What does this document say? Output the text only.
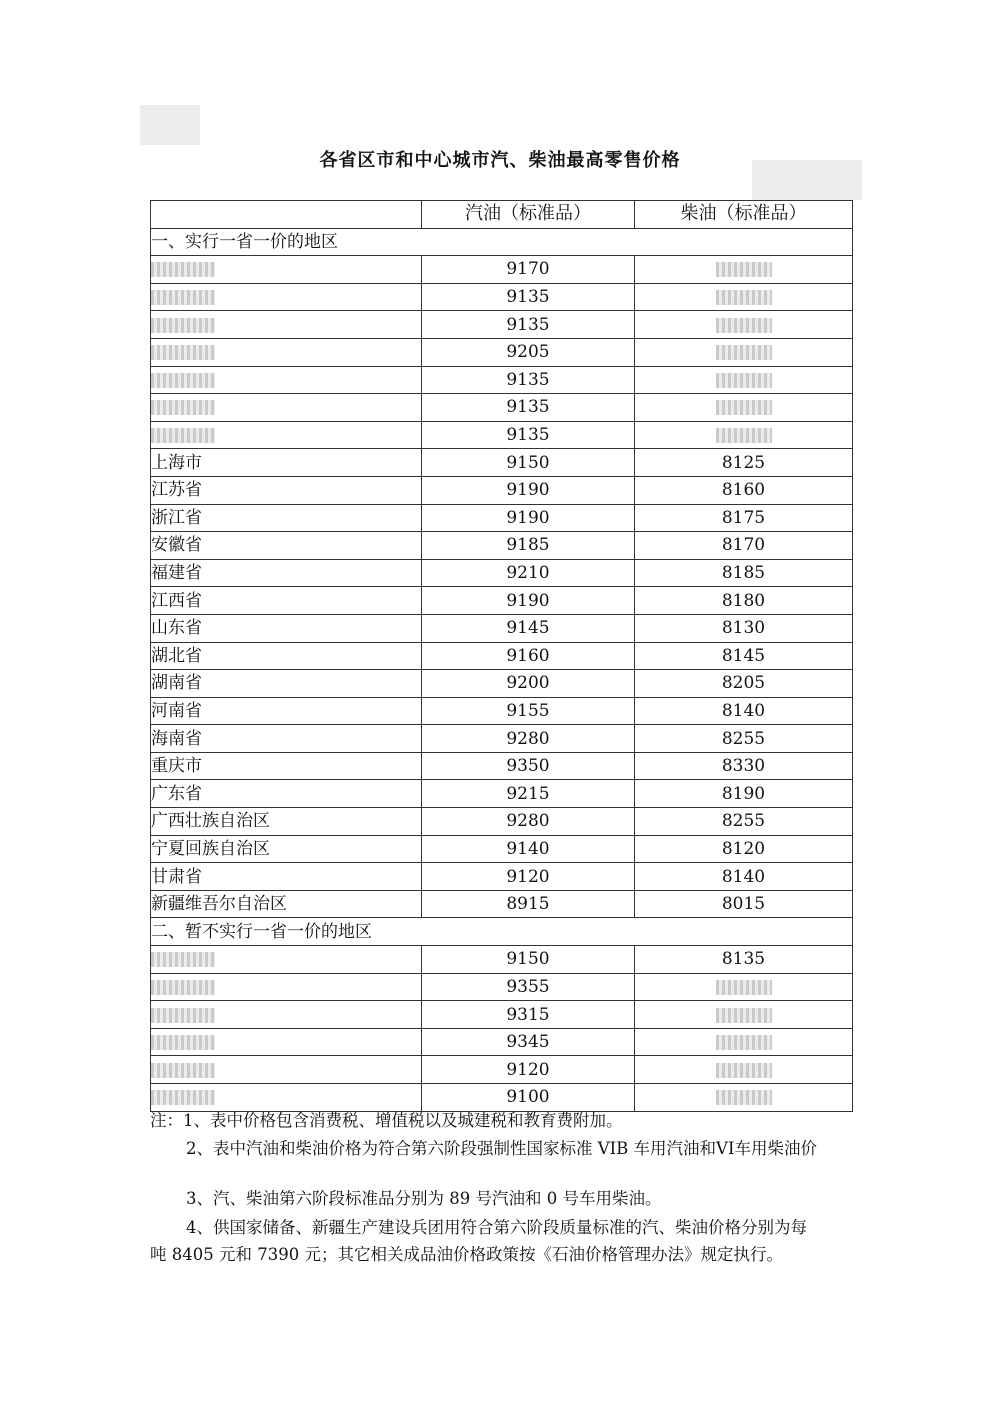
各省区市和中心城市汽、柴油最高零售价格
	汽油（标准品）	柴油（标准品）
一、实行一省一价的地区		
	9170	
	9135	
	9135	
	9205	
	9135	
	9135	
	9135	
上海市	9150	8125
江苏省	9190	8160
浙江省	9190	8175
安徽省	9185	8170
福建省	9210	8185
江西省	9190	8180
山东省	9145	8130
湖北省	9160	8145
湖南省	9200	8205
河南省	9155	8140
海南省	9280	8255
重庆市	9350	8330
广东省	9215	8190
广西壮族自治区	9280	8255
宁夏回族自治区	9140	8120
甘肃省	9120	8140
新疆维吾尔自治区	8915	8015
二、暂不实行一省一价的地区		
	9150	8135
	9355	
	9315	
	9345	
	9120	
	9100	
注：1、表中价格包含消费税、增值税以及城建税和教育费附加。
2、表中汽油和柴油价格为符合第六阶段强制性国家标准 VIB 车用汽油和VI车用柴油价
3、汽、柴油第六阶段标准品分别为 89 号汽油和 0 号车用柴油。
4、供国家储备、新疆生产建设兵团用符合第六阶段质量标准的汽、柴油价格分别为每
吨 8405 元和 7390 元；其它相关成品油价格政策按《石油价格管理办法》规定执行。
